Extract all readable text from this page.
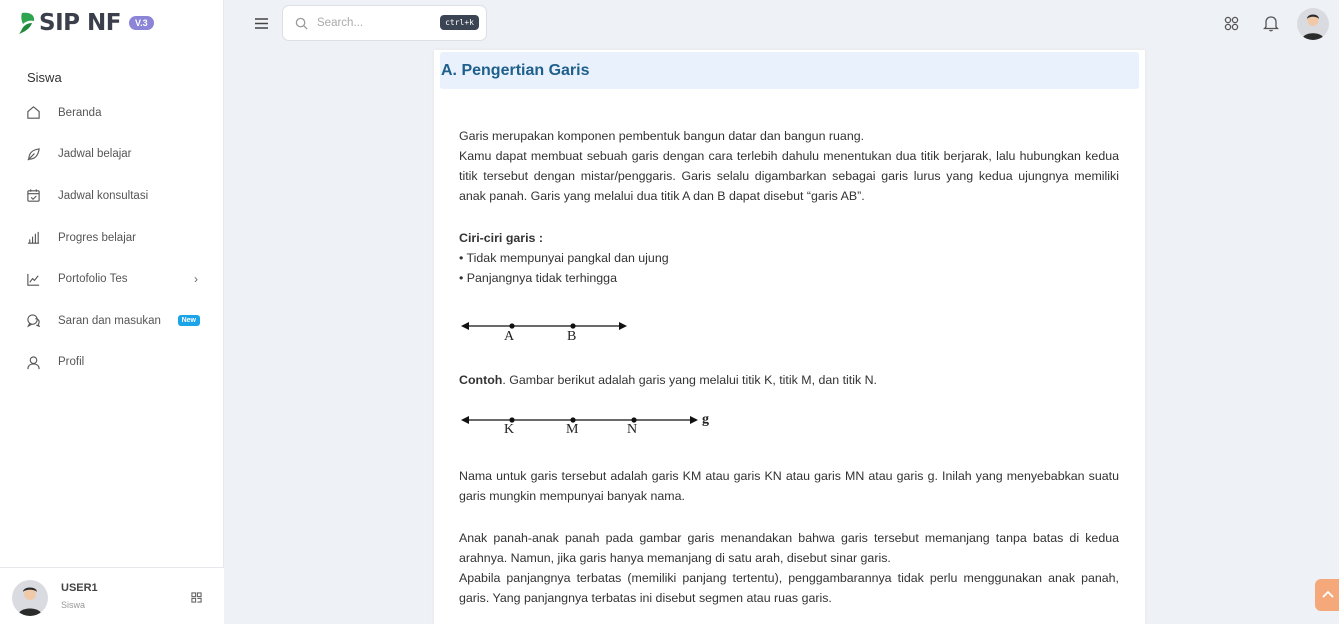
SIP NF	V.3
Siswa
Beranda
Jadwal belajar
Jadwal konsultasi
Progres belajar
Portofolio Tes	›
Saran dan masukan	New
Profil
USER1
Siswa
Search...	ctrl+k
A. Pengertian Garis

Garis merupakan komponen pembentuk bangun datar dan bangun ruang.

Kamu dapat membuat sebuah garis dengan cara terlebih dahulu menentukan dua titik berjarak, lalu hubungkan kedua titik tersebut dengan mistar/penggaris. Garis selalu digambarkan sebagai garis lurus yang kedua ujungnya memiliki anak panah. Garis yang melalui dua titik A dan B dapat disebut “garis AB”.

Ciri-ciri garis :

• Tidak mempunyai pangkal dan ujung

• Panjangnya tidak terhingga

A	B

Contoh. Gambar berikut adalah garis yang melalui titik K, titik M, dan titik N.

K	M	N
g

Nama untuk garis tersebut adalah garis KM atau garis KN atau garis MN atau garis g. Inilah yang menyebabkan suatu garis mungkin mempunyai banyak nama.

Anak panah-anak panah pada gambar garis menandakan bahwa garis tersebut memanjang tanpa batas di kedua arahnya. Namun, jika garis hanya memanjang di satu arah, disebut sinar garis.

Apabila panjangnya terbatas (memiliki panjang tertentu), penggambarannya tidak perlu menggunakan anak panah, garis. Yang panjangnya terbatas ini disebut segmen atau ruas garis.
